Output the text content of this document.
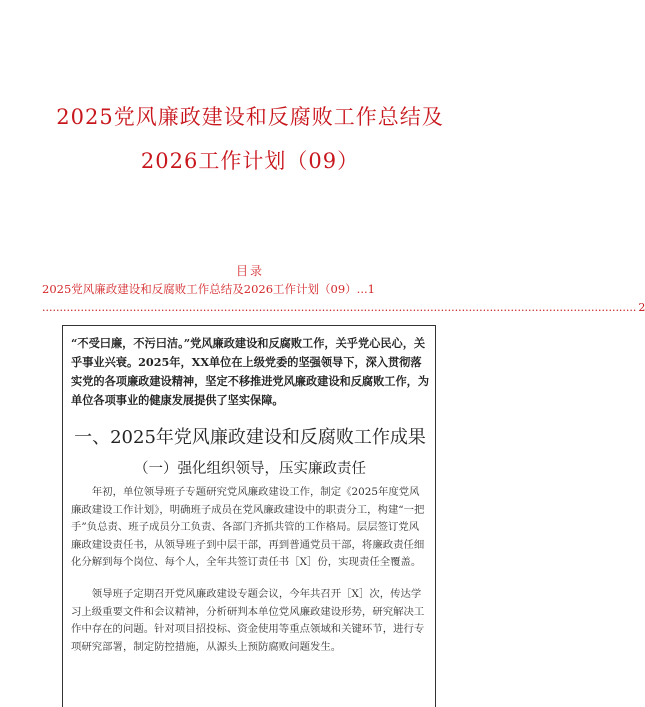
2025党风廉政建设和反腐败工作总结及
2026工作计划（09）
目录
2025党风廉政建设和反腐败工作总结及2026工作计划（09）...1
.......................................................................................................................................................................... 2
“不受曰廉，不污曰洁。”党风廉政建设和反腐败工作，关乎党心民心，关乎事业兴衰。2025年，XX单位在上级党委的坚强领导下，深入贯彻落实党的各项廉政建设精神，坚定不移推进党风廉政建设和反腐败工作，为单位各项事业的健康发展提供了坚实保障。
一、2025年党风廉政建设和反腐败工作成果
（一）强化组织领导，压实廉政责任
年初，单位领导班子专题研究党风廉政建设工作，制定《2025年度党风廉政建设工作计划》，明确班子成员在党风廉政建设中的职责分工，构建“一把手”负总责、班子成员分工负责、各部门齐抓共管的工作格局。层层签订党风廉政建设责任书，从领导班子到中层干部，再到普通党员干部，将廉政责任细化分解到每个岗位、每个人，全年共签订责任书［X］份，实现责任全覆盖。
领导班子定期召开党风廉政建设专题会议，今年共召开［X］次，传达学习上级重要文件和会议精神，分析研判本单位党风廉政建设形势，研究解决工作中存在的问题。针对项目招投标、资金使用等重点领域和关键环节，进行专项研究部署，制定防控措施，从源头上预防腐败问题发生。
